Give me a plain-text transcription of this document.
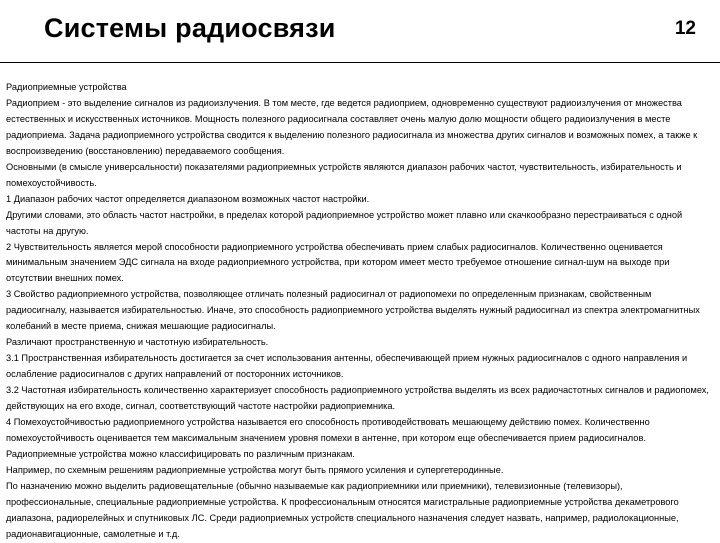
Системы радиосвязи	12

Радиоприемные устройства

Радиоприем - это выделение сигналов из радиоизлучения. В том месте, где ведется радиоприем, одновременно существуют радиоизлучения от множества естественных и искусственных источников. Мощность полезного радиосигнала составляет очень малую долю мощности общего радиоизлучения в месте радиоприема. Задача радиоприемного устройства сводится к выделению полезного радиосигнала из множества других сигналов и возможных помех, а также к воспроизведению (восстановлению) передаваемого сообщения.

Основными (в смысле универсальности) показателями радиоприемных устройств являются диапазон рабочих частот, чувствительность, избирательность и помехоустойчивость.

1 Диапазон рабочих частот определяется диапазоном возможных частот настройки.

Другими словами, это область частот настройки, в пределах которой радиоприемное устройство может плавно или скачкообразно перестраиваться с одной частоты на другую.

2 Чувствительность является мерой способности радиоприемного устройства обеспечивать прием слабых радиосигналов. Количественно оценивается минимальным значением ЭДС сигнала на входе радиоприемного устройства, при котором имеет место требуемое отношение сигнал-шум на выходе при отсутствии внешних помех.

3 Свойство радиоприемного устройства, позволяющее отличать полезный радиосигнал от радиопомехи по определенным признакам, свойственным радиосигналу, называется избирательностью. Иначе, это способность радиоприемного устройства выделять нужный радиосигнал из спектра электромагнитных колебаний в месте приема, снижая мешающие радиосигналы.

Различают пространственную и частотную избирательность.

3.1 Пространственная избирательность достигается за счет использования антенны, обеспечивающей прием нужных радиосигналов с одного направления и ослабление радиосигналов с других направлений от посторонних источников.

3.2 Частотная избирательность количественно характеризует способность радиоприемного устройства выделять из всех радиочастотных сигналов и радиопомех, действующих на его входе, сигнал, соответствующий частоте настройки радиоприемника.

4 Помехоустойчивостью радиоприемного устройства называется его способность противодействовать мешающему действию помех. Количественно помехоустойчивость оценивается тем максимальным значением уровня помехи в антенне, при котором еще обеспечивается прием радиосигналов.

Радиоприемные устройства можно классифицировать по различным признакам.

Например, по схемным решениям радиоприемные устройства могут быть прямого усиления и супергетеродинные.

По назначению можно выделить радиовещательные (обычно называемые как радиоприемники или приемники), телевизионные (телевизоры), профессиональные, специальные радиоприемные устройства. К профессиональным относятся магистральные радиоприемные устройства декаметрового диапазона, радиорелейных и спутниковых ЛС. Среди радиоприемных устройств специального назначения следует назвать, например, радиолокационные, радионавигационные, самолетные и т.д.
